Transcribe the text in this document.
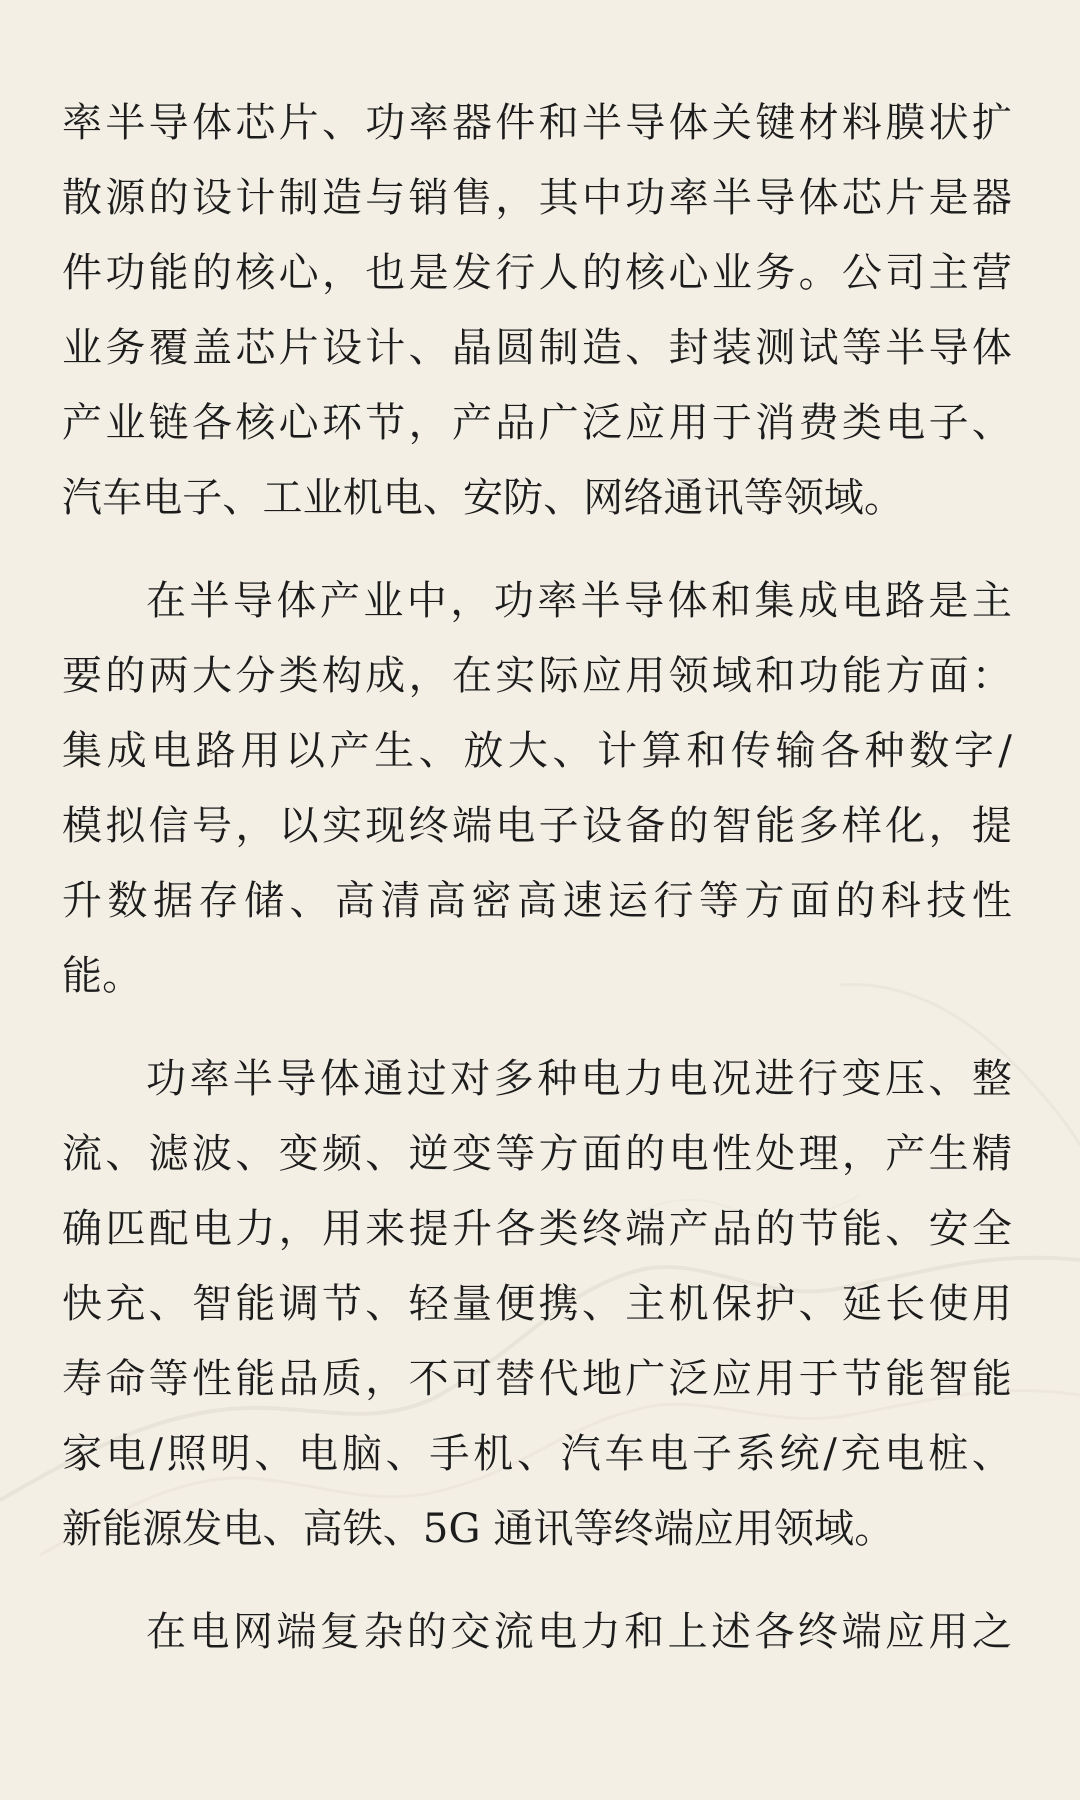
率半导体芯片、功率器件和半导体关键材料膜状扩
散源的设计制造与销售，其中功率半导体芯片是器
件功能的核心，也是发行人的核心业务。公司主营
业务覆盖芯片设计、晶圆制造、封装测试等半导体
产业链各核心环节，产品广泛应用于消费类电子、
汽车电子、工业机电、安防、网络通讯等领域。
在半导体产业中，功率半导体和集成电路是主
要的两大分类构成，在实际应用领域和功能方面：
集成电路用以产生、放大、计算和传输各种数字/
模拟信号，以实现终端电子设备的智能多样化，提
升数据存储、高清高密高速运行等方面的科技性
能。
功率半导体通过对多种电力电况进行变压、整
流、滤波、变频、逆变等方面的电性处理，产生精
确匹配电力，用来提升各类终端产品的节能、安全
快充、智能调节、轻量便携、主机保护、延长使用
寿命等性能品质，不可替代地广泛应用于节能智能
家电/照明、电脑、手机、汽车电子系统/充电桩、
新能源发电、高铁、5G 通讯等终端应用领域。
在电网端复杂的交流电力和上述各终端应用之
